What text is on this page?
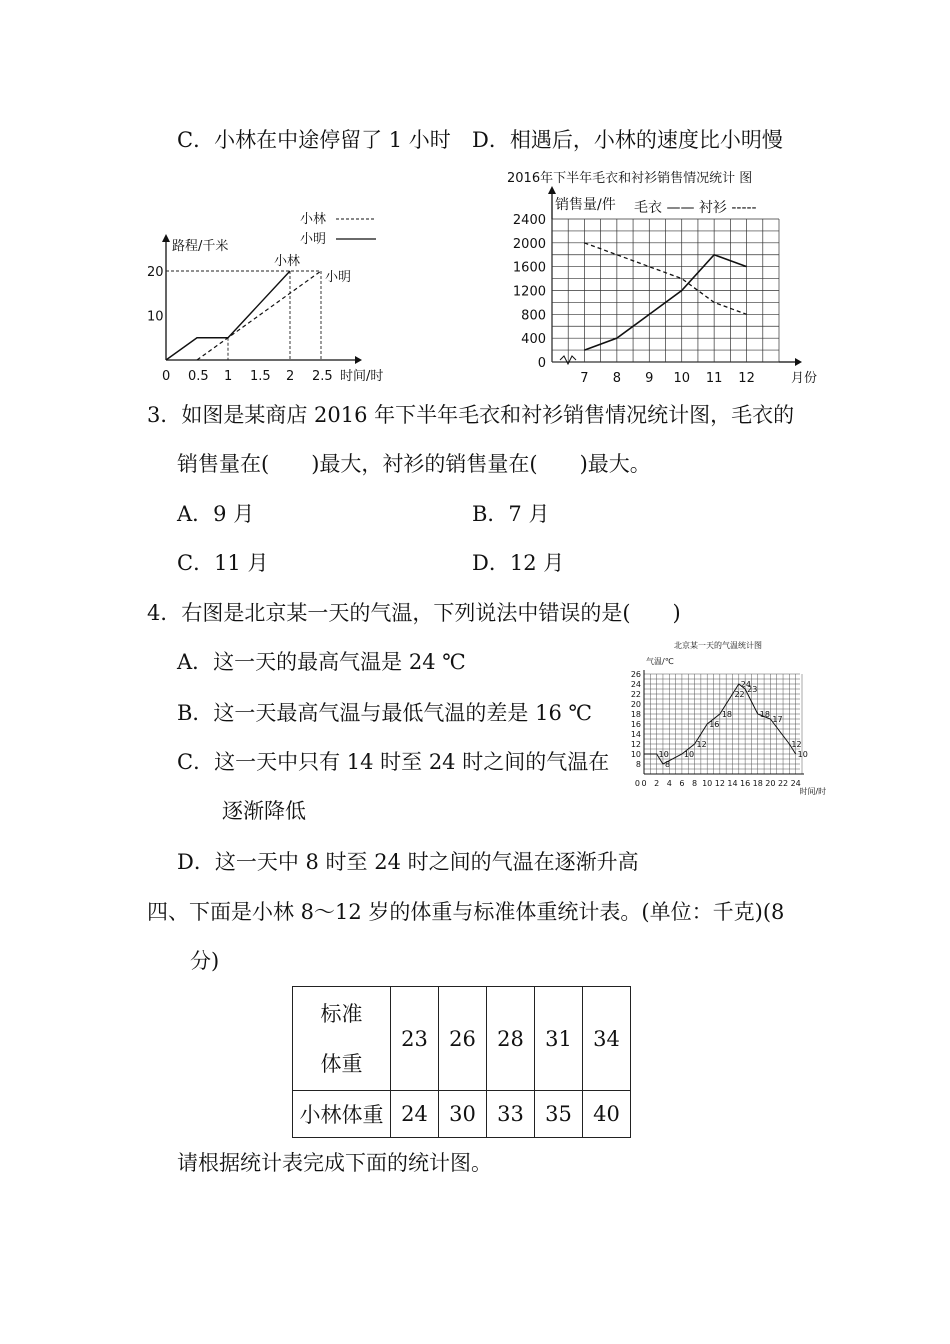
C．小林在中途停留了 1 小时 D．相遇后，小林的速度比小明慢
路程/千米
时间/时
0 0.5 1 1.5 2 2.5
10
20
小林
小明
小林
小明
2016年下半年毛衣和衬衫销售情况统计 图
销售量/件 毛衣 —— 衬衫 -----
0
400
800
1200
1600
2000
2400
7 8 9 10 11 12	月份
3．如图是某商店 2016 年下半年毛衣和衬衫销售情况统计图，毛衣的
销售量在(　　)最大，衬衫的销售量在(　　)最大。
A．9 月	B．7 月
C．11 月	D．12 月
4．右图是北京某一天的气温，下列说法中错误的是(　　)
A．这一天的最高气温是 24 ℃
B．这一天最高气温与最低气温的差是 16 ℃
C．这一天中只有 14 时至 24 时之间的气温在
逐渐降低
D．这一天中 8 时至 24 时之间的气温在逐渐升高
北京某一天的气温统计图
气温/℃
8
10
12
14
16
18
20
22
24
26
0 2 4 6 8 10 12 14 16 18 20 22 24
0
时间/时
10
8
10
12
16
18
22
24
23
18
17
12
10
四、下面是小林 8～12 岁的体重与标准体重统计表。(单位：千克)(8
分)
标准
体重	23	26	28	31	34
小林体重	24	30	33	35	40
请根据统计表完成下面的统计图。
